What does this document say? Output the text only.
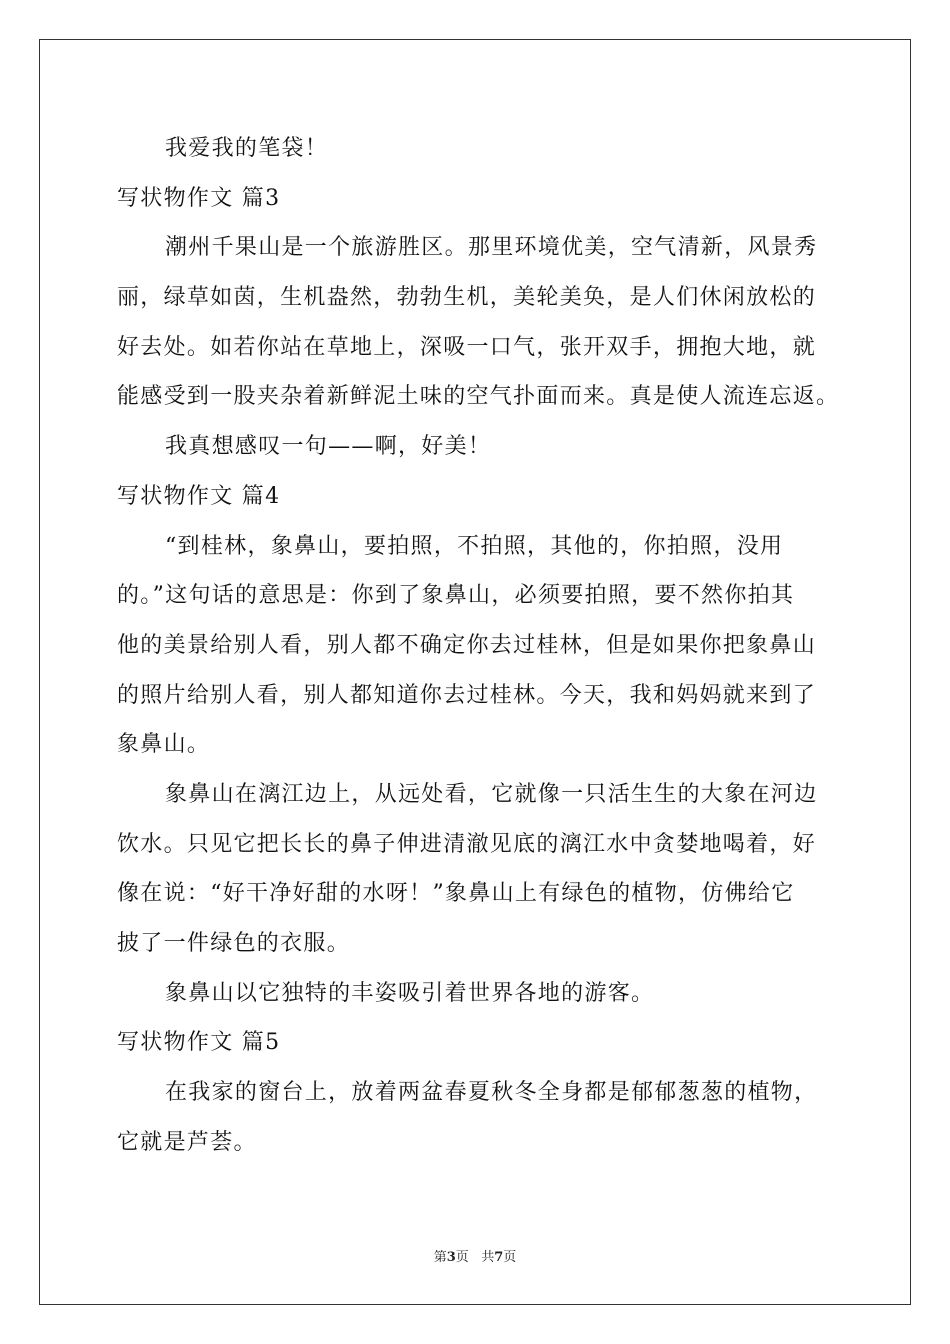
我爱我的笔袋！
写状物作文 篇3
潮州千果山是一个旅游胜区。那里环境优美，空气清新，风景秀
丽，绿草如茵，生机盎然，勃勃生机，美轮美奂，是人们休闲放松的
好去处。如若你站在草地上，深吸一口气，张开双手，拥抱大地，就
能感受到一股夹杂着新鲜泥土味的空气扑面而来。真是使人流连忘返。
我真想感叹一句——啊，好美！
写状物作文 篇4
“到桂林，象鼻山，要拍照，不拍照，其他的，你拍照，没用
的。”这句话的意思是：你到了象鼻山，必须要拍照，要不然你拍其
他的美景给别人看，别人都不确定你去过桂林，但是如果你把象鼻山
的照片给别人看，别人都知道你去过桂林。今天，我和妈妈就来到了
象鼻山。
象鼻山在漓江边上，从远处看，它就像一只活生生的大象在河边
饮水。只见它把长长的鼻子伸进清澈见底的漓江水中贪婪地喝着，好
像在说：“好干净好甜的水呀！”象鼻山上有绿色的植物，仿佛给它
披了一件绿色的衣服。
象鼻山以它独特的丰姿吸引着世界各地的游客。
写状物作文 篇5
在我家的窗台上，放着两盆春夏秋冬全身都是郁郁葱葱的植物，
它就是芦荟。
第3页 共7页
